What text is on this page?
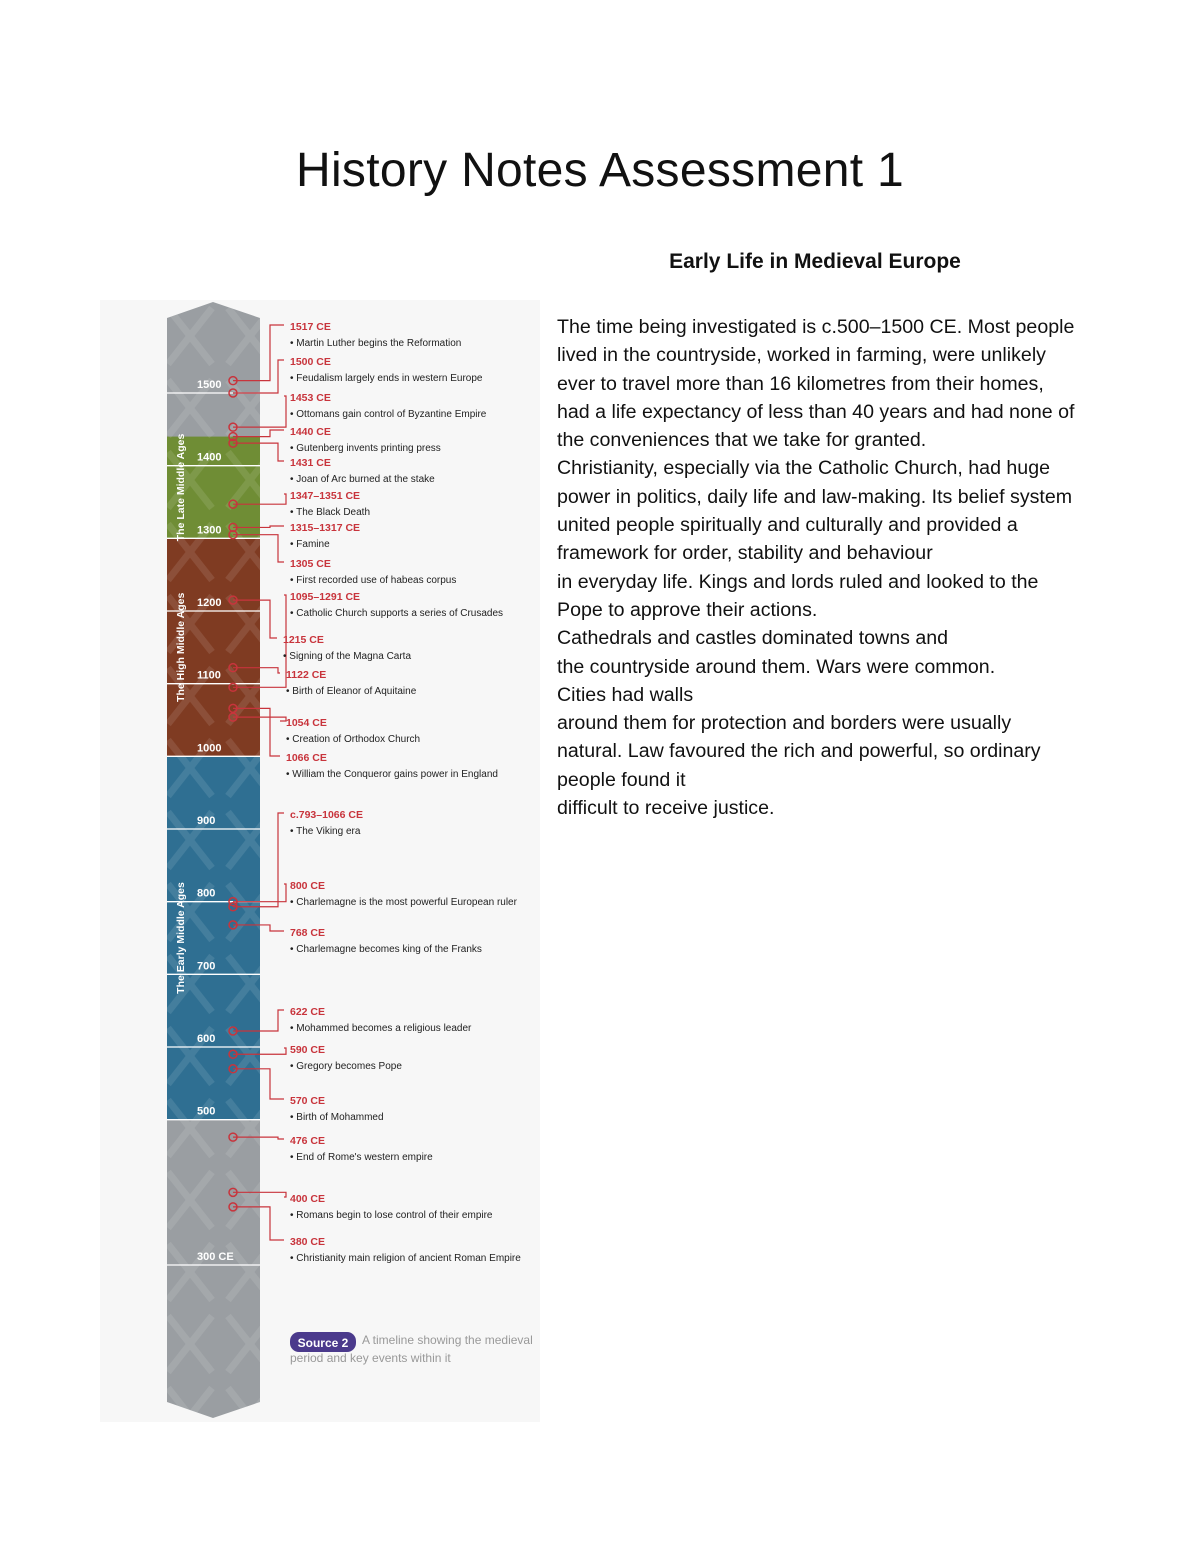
History Notes Assessment 1
Early Life in Medieval Europe

The time being investigated is c.500–1500 CE. Most people lived in the countryside, worked in farming, were unlikely ever to travel more than 16 kilometres from their homes, had a life expectancy of less than 40 years and had none of the conveniences that we take for granted.

Christianity, especially via the Catholic Church, had huge power in politics, daily life and law-making. Its belief system united people spiritually and culturally and provided a framework for order, stability and behaviour

in everyday life. Kings and lords ruled and looked to the Pope to approve their actions.

Cathedrals and castles dominated towns and

the countryside around them. Wars were common.

Cities had walls

around them for protection and borders were usually natural. Law favoured the rich and powerful, so ordinary people found it

difficult to receive justice.

1500
1400
1300
1200
1100
1000
900
800
700
600
500
300 CE
The Late Middle Ages
The High Middle Ages
The Early Middle Ages
1517 CE
• Martin Luther begins the Reformation
1500 CE
• Feudalism largely ends in western Europe
1453 CE
• Ottomans gain control of Byzantine Empire
1440 CE
• Gutenberg invents printing press
1431 CE
• Joan of Arc burned at the stake
1347–1351 CE
• The Black Death
1315–1317 CE
• Famine
1305 CE
• First recorded use of habeas corpus
1095–1291 CE
• Catholic Church supports a series of Crusades
1215 CE
• Signing of the Magna Carta
1122 CE
• Birth of Eleanor of Aquitaine
1054 CE
• Creation of Orthodox Church
1066 CE
• William the Conqueror gains power in England
c.793–1066 CE
• The Viking era
800 CE
• Charlemagne is the most powerful European ruler
768 CE
• Charlemagne becomes king of the Franks
622 CE
• Mohammed becomes a religious leader
590 CE
• Gregory becomes Pope
570 CE
• Birth of Mohammed
476 CE
• End of Rome's western empire
400 CE
• Romans begin to lose control of their empire
380 CE
• Christianity main religion of ancient Roman Empire
Source 2	A timeline showing the medieval period and key events within it
